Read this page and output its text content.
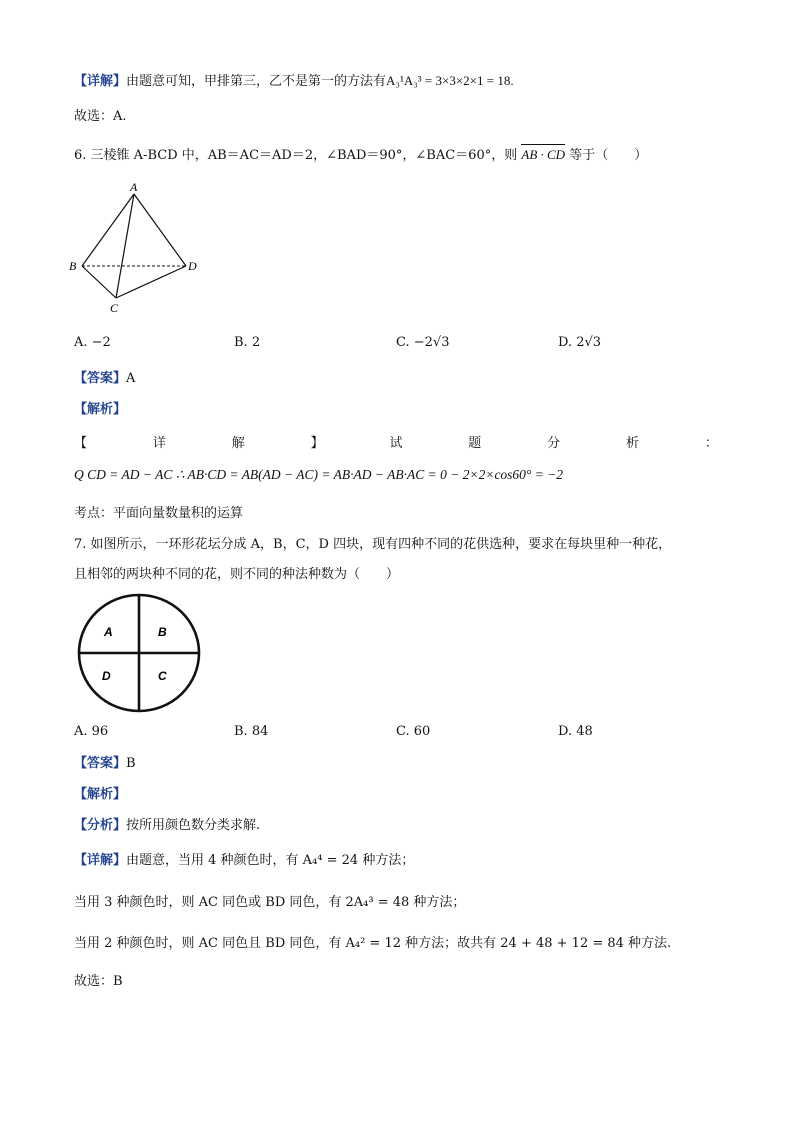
【详解】由题意可知，甲排第三，乙不是第一的方法有A₃¹A₃³ = 3×3×2×1 = 18.
故选：A.
6. 三棱锥 A-BCD 中，AB＝AC＝AD＝2，∠BAD＝90°，∠BAC＝60°，则 AB · CD 等于（　　）
A
B
C
D
A. −2	B. 2	C. −2√3	D. 2√3
【答案】A
【解析】
【	详	解	】	试	题	分	析	：
Q CD = AD − AC ∴ AB·CD = AB(AD − AC) = AB·AD − AB·AC = 0 − 2×2×cos60° = −2
考点：平面向量数量积的运算
7. 如图所示，一环形花坛分成 A，B，C，D 四块，现有四种不同的花供选种，要求在每块里种一种花，
且相邻的两块种不同的花，则不同的种法种数为（　　）
A	B
D	C
A. 96	B. 84	C. 60	D. 48
【答案】B
【解析】
【分析】按所用颜色数分类求解.
【详解】由题意，当用 4 种颜色时，有 A₄⁴ = 24 种方法；
当用 3 种颜色时，则 AC 同色或 BD 同色，有 2A₄³ = 48 种方法；
当用 2 种颜色时，则 AC 同色且 BD 同色，有 A₄² = 12 种方法；故共有 24 + 48 + 12 = 84 种方法.
故选：B
